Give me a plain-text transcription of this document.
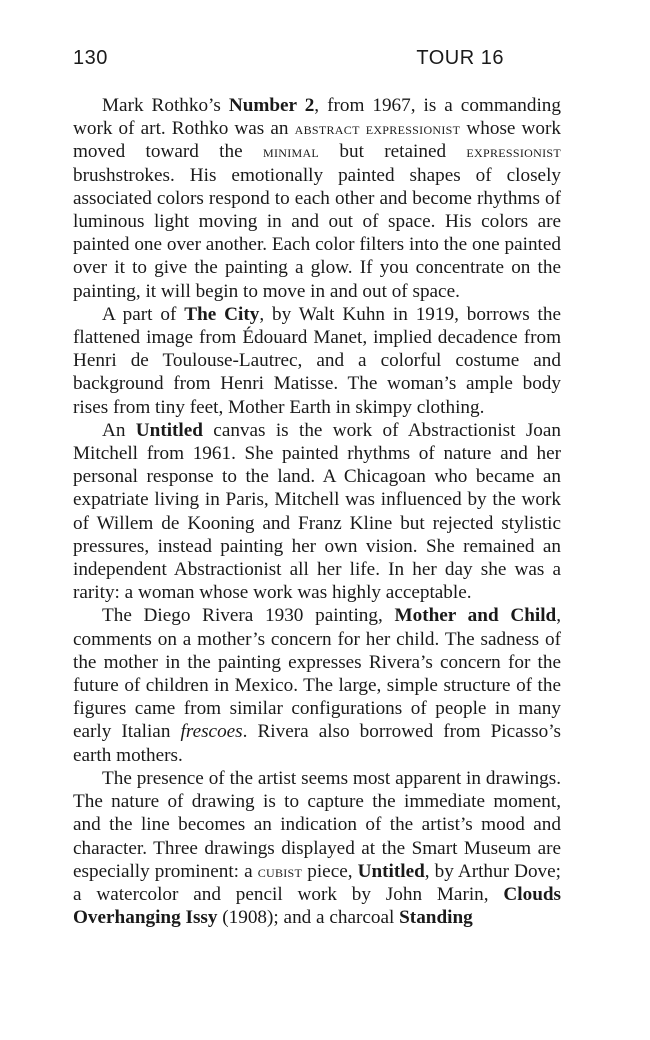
130	TOUR 16

Mark Rothko’s Number 2, from 1967, is a commanding work of art. Rothko was an abstract expressionist whose work moved toward the minimal but retained expressionist brushstrokes. His emotionally painted shapes of closely associated colors respond to each other and become rhythms of luminous light moving in and out of space. His colors are painted one over another. Each color filters into the one painted over it to give the painting a glow. If you concentrate on the painting, it will begin to move in and out of space.

A part of The City, by Walt Kuhn in 1919, borrows the flattened image from Édouard Manet, implied decadence from Henri de Toulouse-Lautrec, and a colorful costume and background from Henri Matisse. The woman’s ample body rises from tiny feet, Mother Earth in skimpy clothing.

An Untitled canvas is the work of Abstractionist Joan Mitchell from 1961. She painted rhythms of nature and her personal response to the land. A Chicagoan who became an expatriate living in Paris, Mitchell was influenced by the work of Willem de Kooning and Franz Kline but rejected stylistic pressures, instead painting her own vision. She remained an independent Abstractionist all her life. In her day she was a rarity: a woman whose work was highly acceptable.

The Diego Rivera 1930 painting, Mother and Child, comments on a mother’s concern for her child. The sadness of the mother in the painting expresses Rivera’s concern for the future of children in Mexico. The large, simple structure of the figures came from similar configurations of people in many early Italian frescoes. Rivera also borrowed from Picasso’s earth mothers.

The presence of the artist seems most apparent in drawings. The nature of drawing is to capture the immediate moment, and the line becomes an indication of the artist’s mood and character. Three drawings displayed at the Smart Museum are especially prominent: a cubist piece, Untitled, by Arthur Dove; a watercolor and pencil work by John Marin, Clouds Overhanging Issy (1908); and a charcoal Standing
